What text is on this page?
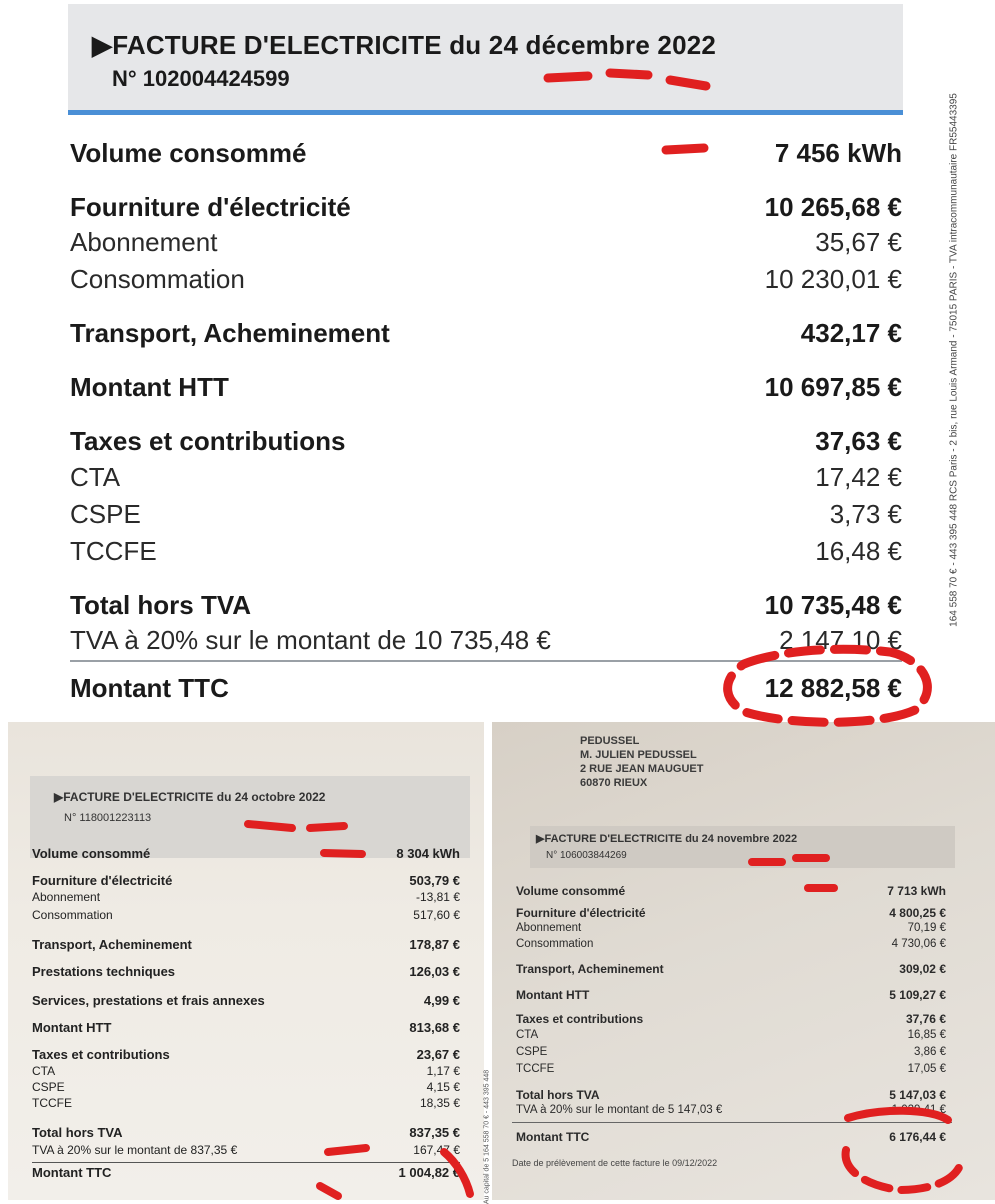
▶FACTURE D'ELECTRICITE du 24 décembre 2022
N° 102004424599
Volume consommé	7 456 kWh
Fourniture d'électricité	10 265,68 €
Abonnement	35,67 €
Consommation	10 230,01 €
Transport, Acheminement	432,17 €
Montant HTT	10 697,85 €
Taxes et contributions	37,63 €
CTA	17,42 €
CSPE	3,73 €
TCCFE	16,48 €
Total hors TVA	10 735,48 €
TVA à 20% sur le montant de 10 735,48 €	2 147,10 €
Montant TTC	12 882,58 €
164 558 70 € - 443 395 448 RCS Paris - 2 bis, rue Louis Armand - 75015 PARIS - TVA intracommunautaire FR55443395
▶FACTURE D'ELECTRICITE du 24 octobre 2022
N° 118001223113
Volume consommé	8 304 kWh
Fourniture d'électricité	503,79 €
Abonnement	-13,81 €
Consommation	517,60 €
Transport, Acheminement	178,87 €
Prestations techniques	126,03 €
Services, prestations et frais annexes	4,99 €
Montant HTT	813,68 €
Taxes et contributions	23,67 €
CTA	1,17 €
CSPE	4,15 €
TCCFE	18,35 €
Total hors TVA	837,35 €
TVA à 20% sur le montant de 837,35 €	167,47 €
Montant TTC	1 004,82 €	Au capital de 5 164 558 70 € - 443 395 448
PEDUSSEL
M. JULIEN PEDUSSEL
2 RUE JEAN MAUGUET
60870 RIEUX
▶FACTURE D'ELECTRICITE du 24 novembre 2022
N° 106003844269
Volume consommé	7 713 kWh
Fourniture d'électricité	4 800,25 €
Abonnement	70,19 €
Consommation	4 730,06 €
Transport, Acheminement	309,02 €
Montant HTT	5 109,27 €
Taxes et contributions	37,76 €
CTA	16,85 €
CSPE	3,86 €
TCCFE	17,05 €
Total hors TVA	5 147,03 €
TVA à 20% sur le montant de 5 147,03 €	1 029,41 €
Montant TTC	6 176,44 €
Date de prélèvement de cette facture le 09/12/2022
